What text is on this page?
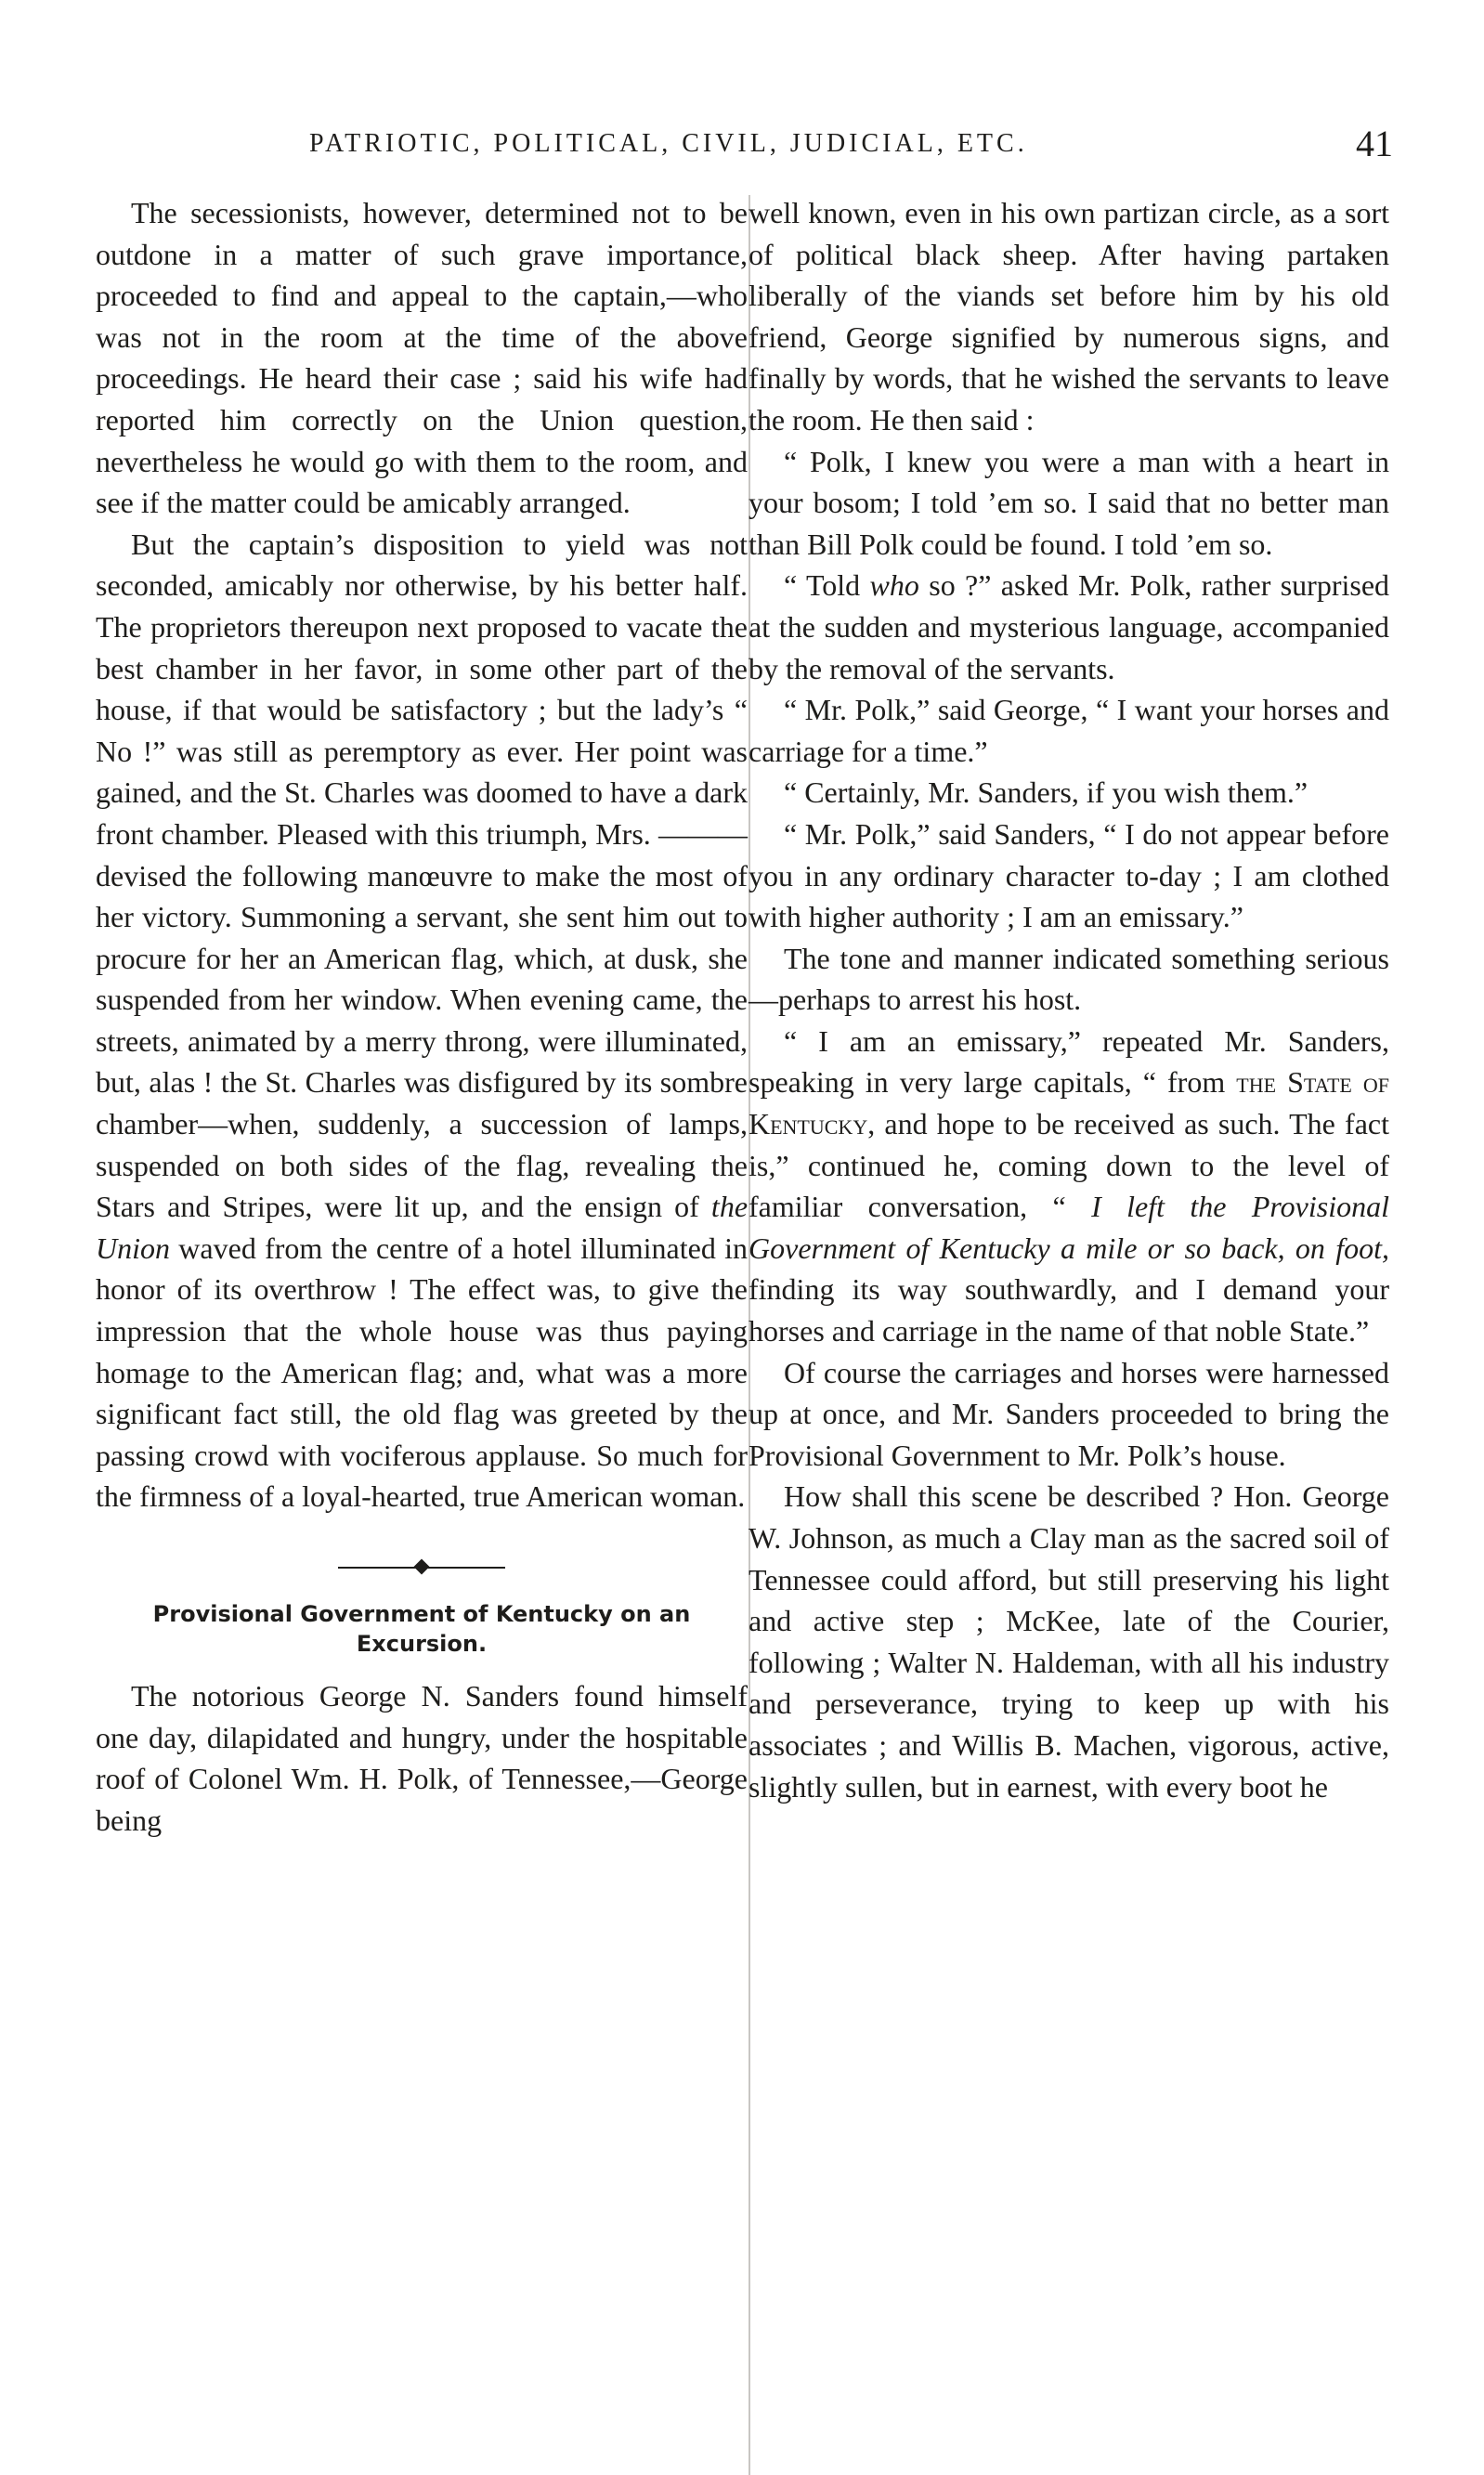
PATRIOTIC, POLITICAL, CIVIL, JUDICIAL, ETC.	41

The secessionists, however, determined not to be outdone in a matter of such grave importance, proceeded to find and appeal to the captain,—who was not in the room at the time of the above proceedings. He heard their case ; said his wife had reported him correctly on the Union question, nevertheless he would go with them to the room, and see if the matter could be amicably arranged.

But the captain’s disposition to yield was not seconded, amicably nor otherwise, by his better half. The proprietors thereupon next proposed to vacate the best chamber in her favor, in some other part of the house, if that would be satisfactory ; but the lady’s “ No !” was still as peremptory as ever. Her point was gained, and the St. Charles was doomed to have a dark front chamber. Pleased with this triumph, Mrs. ——— devised the following manœuvre to make the most of her victory. Summoning a servant, she sent him out to procure for her an American flag, which, at dusk, she suspended from her window. When evening came, the streets, animated by a merry throng, were illuminated, but, alas ! the St. Charles was disfigured by its sombre chamber—when, suddenly, a succession of lamps, suspended on both sides of the flag, revealing the Stars and Stripes, were lit up, and the ensign of the Union waved from the centre of a hotel illuminated in honor of its overthrow ! The effect was, to give the impression that the whole house was thus paying homage to the American flag; and, what was a more significant fact still, the old flag was greeted by the passing crowd with vociferous applause. So much for the firmness of a loyal-hearted, true American woman.

Provisional Government of Kentucky on an Excursion.

The notorious George N. Sanders found himself one day, dilapidated and hungry, under the hospitable roof of Colonel Wm. H. Polk, of Tennessee,—George being

well known, even in his own partizan circle, as a sort of political black sheep. After having partaken liberally of the viands set before him by his old friend, George signified by numerous signs, and finally by words, that he wished the servants to leave the room. He then said :

“ Polk, I knew you were a man with a heart in your bosom; I told ’em so. I said that no better man than Bill Polk could be found. I told ’em so.

“ Told who so ?” asked Mr. Polk, rather surprised at the sudden and mysterious language, accompanied by the removal of the servants.

“ Mr. Polk,” said George, “ I want your horses and carriage for a time.”

“ Certainly, Mr. Sanders, if you wish them.”

“ Mr. Polk,” said Sanders, “ I do not appear before you in any ordinary character to-day ; I am clothed with higher authority ; I am an emissary.”

The tone and manner indicated something serious—perhaps to arrest his host.

“ I am an emissary,” repeated Mr. Sanders, speaking in very large capitals, “ from the State of Kentucky, and hope to be received as such. The fact is,” continued he, coming down to the level of familiar conversation, “ I left the Provisional Government of Kentucky a mile or so back, on foot, finding its way southwardly, and I demand your horses and carriage in the name of that noble State.”

Of course the carriages and horses were harnessed up at once, and Mr. Sanders proceeded to bring the Provisional Government to Mr. Polk’s house.

How shall this scene be described ? Hon. George W. Johnson, as much a Clay man as the sacred soil of Tennessee could afford, but still preserving his light and active step ; McKee, late of the Courier, following ; Walter N. Haldeman, with all his industry and perseverance, trying to keep up with his associates ; and Willis B. Machen, vigorous, active, slightly sullen, but in earnest, with every boot he
